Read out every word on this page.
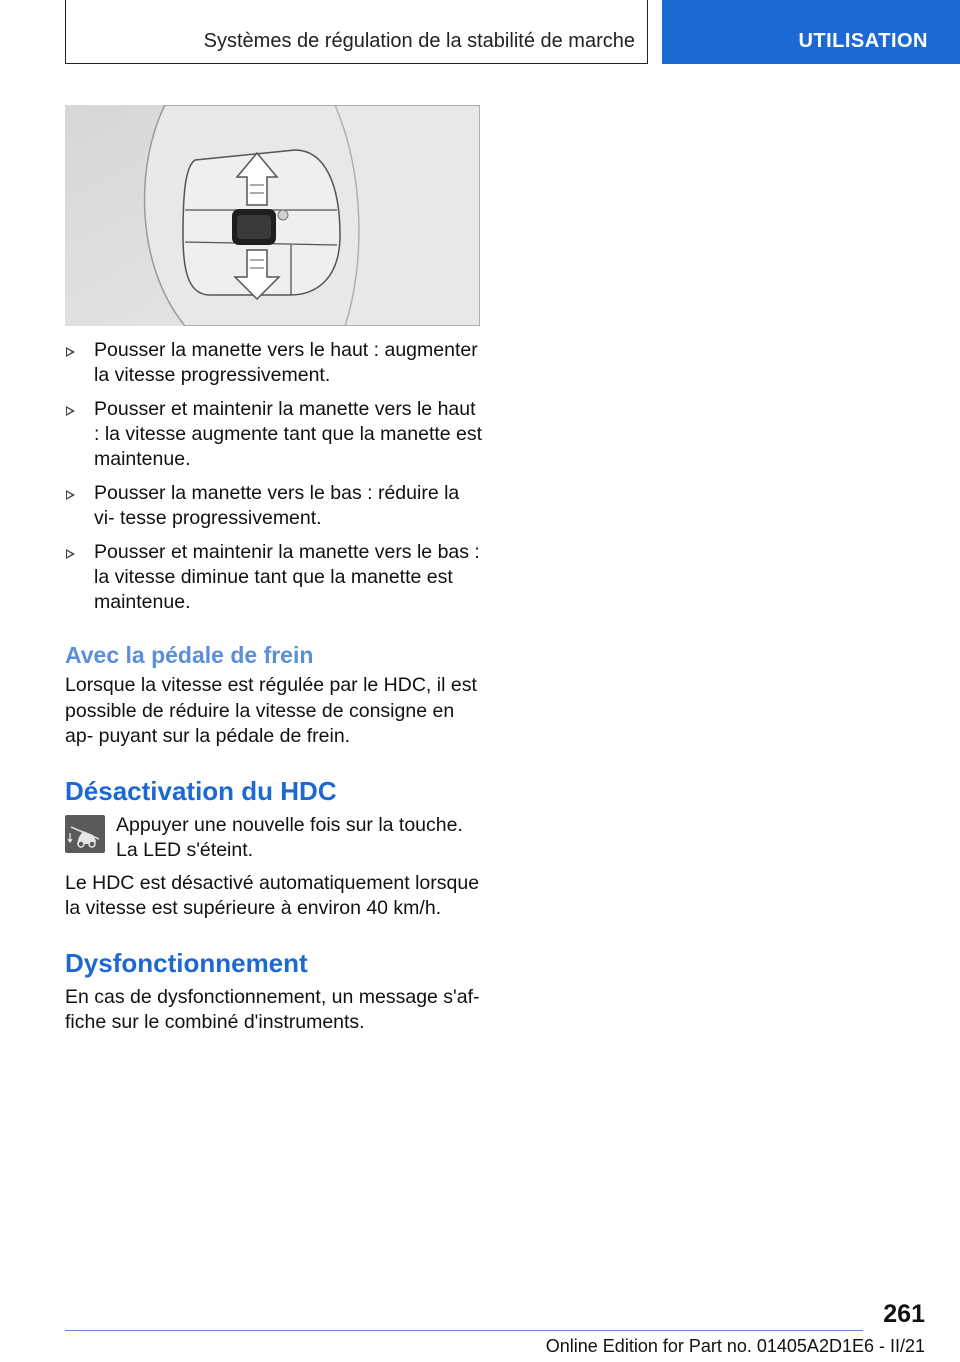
Systèmes de régulation de la stabilité de marche	UTILISATION
Pousser la manette vers le haut : augmenter la vitesse progressivement.
Pousser et maintenir la manette vers le haut : la vitesse augmente tant que la manette est maintenue.
Pousser la manette vers le bas : réduire la vi‐ tesse progressivement.
Pousser et maintenir la manette vers le bas : la vitesse diminue tant que la manette est maintenue.
Avec la pédale de frein

Lorsque la vitesse est régulée par le HDC, il est possible de réduire la vitesse de consigne en ap‐ puyant sur la pédale de frein.

Désactivation du HDC

Appuyer une nouvelle fois sur la touche. La LED s'éteint.

Le HDC est désactivé automatiquement lorsque la vitesse est supérieure à environ 40 km/h.

Dysfonctionnement

En cas de dysfonctionnement, un message s'af‐ fiche sur le combiné d'instruments.

261
Online Edition for Part no. 01405A2D1E6 - II/21
